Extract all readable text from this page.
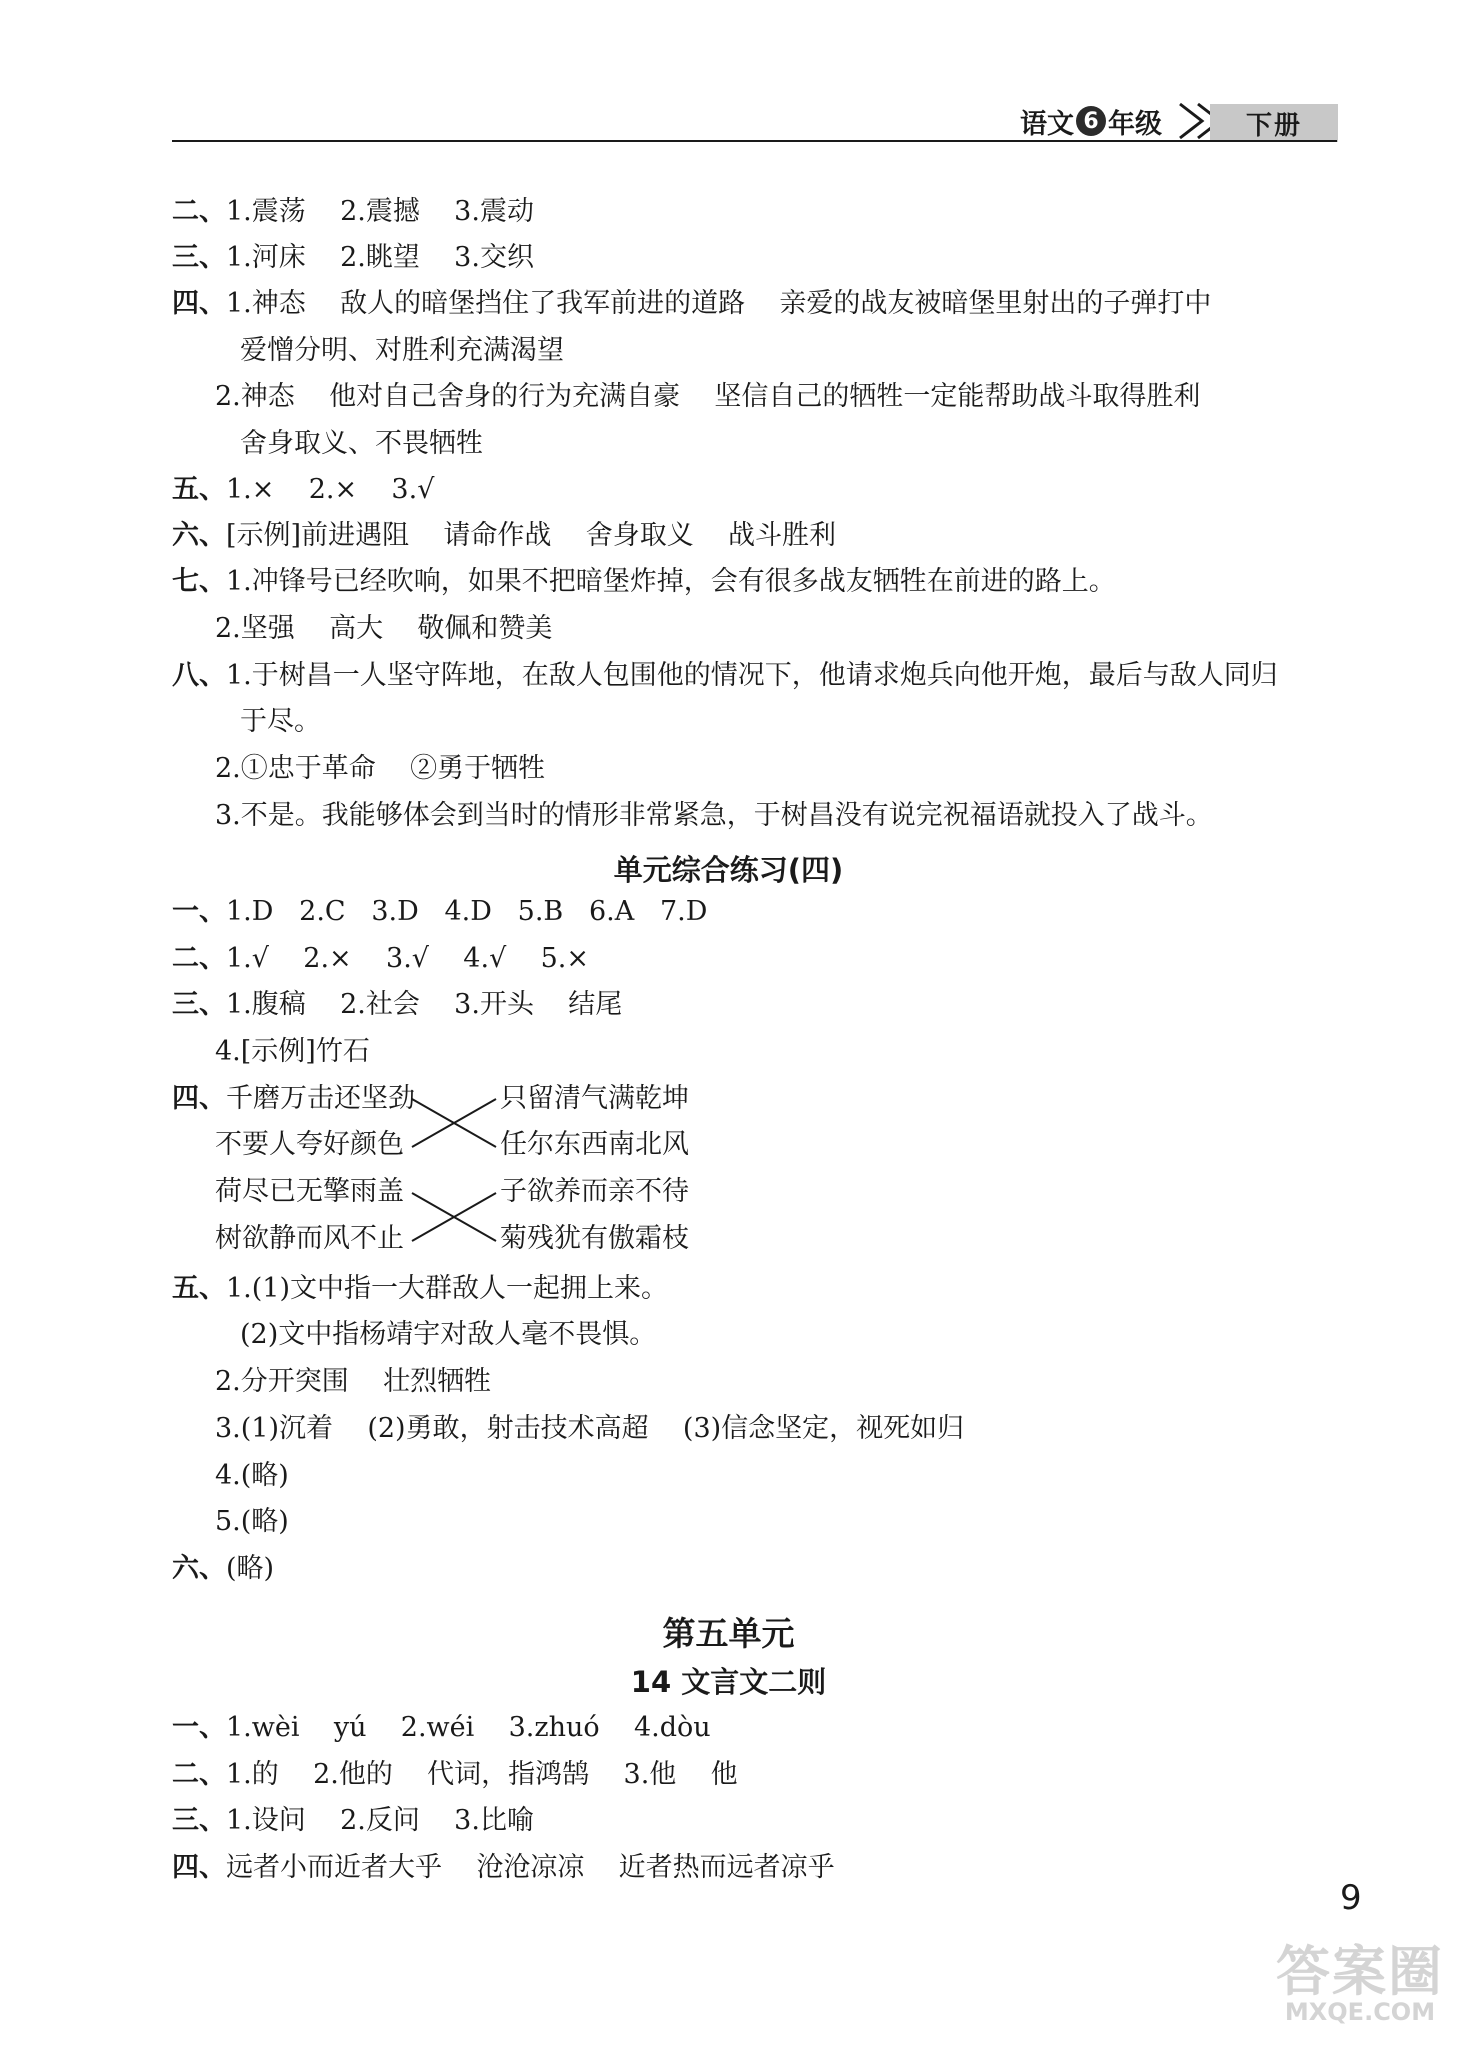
语文 6 年级	下册
二、1.震荡    2.震撼    3.震动
三、1.河床    2.眺望    3.交织
四、1.神态    敌人的暗堡挡住了我军前进的道路    亲爱的战友被暗堡里射出的子弹打中
爱憎分明、对胜利充满渴望
2.神态    他对自己舍身的行为充满自豪    坚信自己的牺牲一定能帮助战斗取得胜利
舍身取义、不畏牺牲
五、1.×    2.×    3.√
六、[示例]前进遇阻    请命作战    舍身取义    战斗胜利
七、1.冲锋号已经吹响，如果不把暗堡炸掉，会有很多战友牺牲在前进的路上。
2.坚强    高大    敬佩和赞美
八、1.于树昌一人坚守阵地，在敌人包围他的情况下，他请求炮兵向他开炮，最后与敌人同归
于尽。
2.①忠于革命    ②勇于牺牲
3.不是。我能够体会到当时的情形非常紧急，于树昌没有说完祝福语就投入了战斗。
单元综合练习(四)
一、1.D   2.C   3.D   4.D   5.B   6.A   7.D
二、1.√    2.×    3.√    4.√    5.×
三、1.腹稿    2.社会    3.开头    结尾
4.[示例]竹石
四、千磨万击还坚劲
不要人夸好颜色
荷尽已无擎雨盖
树欲静而风不止
只留清气满乾坤
任尔东西南北风
子欲养而亲不待
菊残犹有傲霜枝
五、1.(1)文中指一大群敌人一起拥上来。
(2)文中指杨靖宇对敌人毫不畏惧。
2.分开突围    壮烈牺牲
3.(1)沉着    (2)勇敢，射击技术高超    (3)信念坚定，视死如归
4.(略)
5.(略)
六、(略)
第五单元
14 文言文二则
一、1.wèi    yú    2.wéi    3.zhuó    4.dòu
二、1.的    2.他的    代词，指鸿鹄    3.他    他
三、1.设问    2.反问    3.比喻
四、远者小而近者大乎    沧沧凉凉    近者热而远者凉乎
9
答案圈
MXQE.COM
